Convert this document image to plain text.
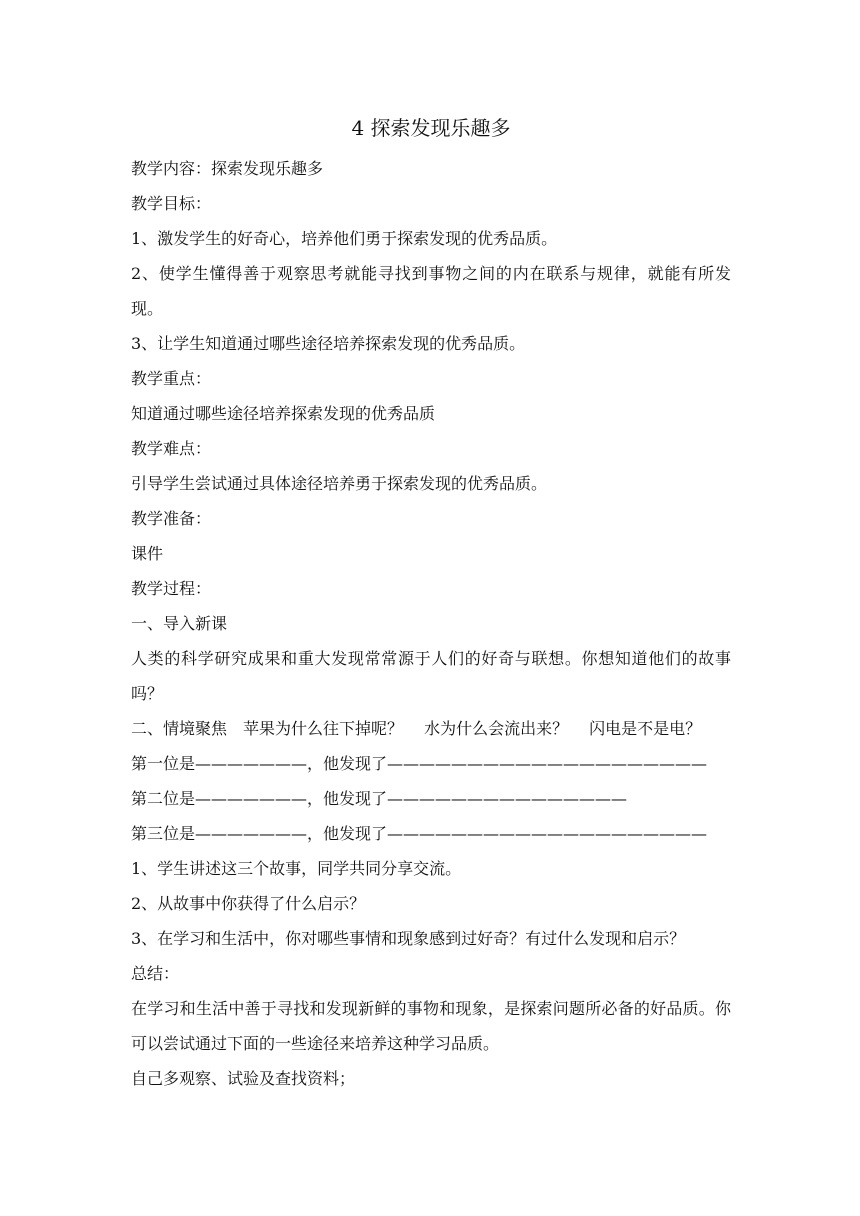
4 探索发现乐趣多

教学内容：探索发现乐趣多

教学目标：

1、激发学生的好奇心，培养他们勇于探索发现的优秀品质。

2、使学生懂得善于观察思考就能寻找到事物之间的内在联系与规律，就能有所发现。

3、让学生知道通过哪些途径培养探索发现的优秀品质。

教学重点：

知道通过哪些途径培养探索发现的优秀品质

教学难点：

引导学生尝试通过具体途径培养勇于探索发现的优秀品质。

教学准备：

课件

教学过程：

一、导入新课

人类的科学研究成果和重大发现常常源于人们的好奇与联想。你想知道他们的故事吗？

二、情境聚焦　苹果为什么往下掉呢？　 水为什么会流出来？　 闪电是不是电？

第一位是———————，他发现了————————————————————

第二位是———————，他发现了———————————————

第三位是———————，他发现了————————————————————

1、学生讲述这三个故事，同学共同分享交流。

2、从故事中你获得了什么启示？

3、在学习和生活中，你对哪些事情和现象感到过好奇？有过什么发现和启示？

总结：

在学习和生活中善于寻找和发现新鲜的事物和现象，是探索问题所必备的好品质。你可以尝试通过下面的一些途径来培养这种学习品质。

自己多观察、试验及查找资料；
